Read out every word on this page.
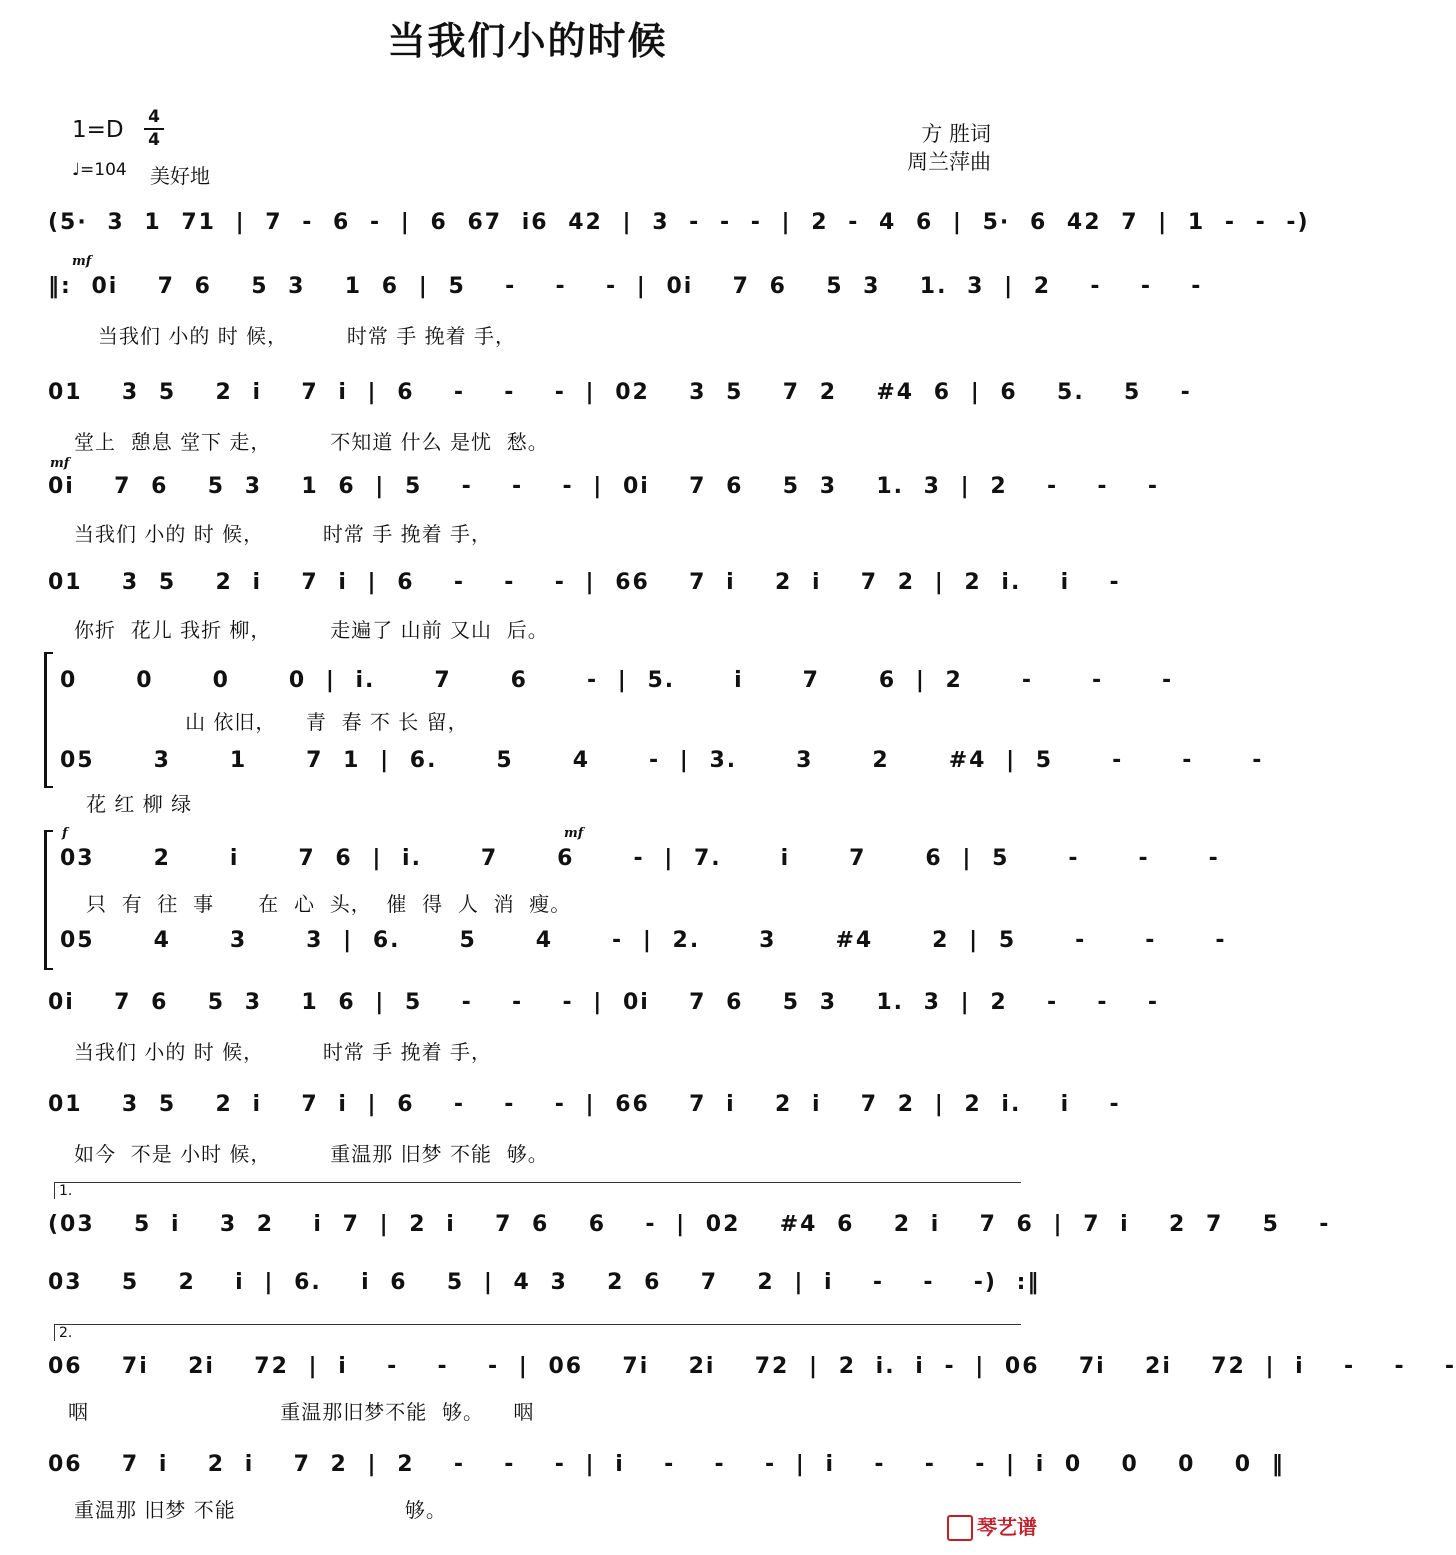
当我们小的时候
1=D 4
4
♩=104 美好地
方 胜词
周兰萍曲
(5· 3 1 71 | 7 - 6 - | 6 67 i6 42 | 3 - - - | 2 - 4 6 | 5· 6 42 7 | 1 - - -)
mf
‖: 0i  7 6  5 3  1 6 | 5  -  -  - | 0i  7 6  5 3  1. 3 | 2  -  -  -
当我们 小的 时 候，        时常 手 挽着 手，
01  3 5  2 i  7 i | 6  -  -  - | 02  3 5  7 2  #4 6 | 6  5.  5  -
堂上  憩息 堂下 走，        不知道 什么 是忧  愁。
mf
0i  7 6  5 3  1 6 | 5  -  -  - | 0i  7 6  5 3  1. 3 | 2  -  -  -
当我们 小的 时 候，        时常 手 挽着 手，
01  3 5  2 i  7 i | 6  -  -  - | 66  7 i  2 i  7 2 | 2 i.  i  -
你折  花儿 我折 柳，        走遍了 山前 又山  后。
0   0   0   0 | i.   7   6   - | 5.   i   7   6 | 2   -   -   -
山 依旧，    青  春 不 长 留，
05   3   1   7 1 | 6.   5   4   - | 3.   3   2   #4 | 5   -   -   -
花 红 柳 绿
f	mf
03   2   i   7 6 | i.   7   6   - | 7.   i   7   6 | 5   -   -   -
只  有  往  事      在  心  头，  催  得  人  消  瘦。
05   4   3   3 | 6.   5   4   - | 2.   3   #4   2 | 5   -   -   -
0i  7 6  5 3  1 6 | 5  -  -  - | 0i  7 6  5 3  1. 3 | 2  -  -  -
当我们 小的 时 候，        时常 手 挽着 手，
01  3 5  2 i  7 i | 6  -  -  - | 66  7 i  2 i  7 2 | 2 i.  i  -
如今  不是 小时 候，        重温那 旧梦 不能  够。
1.
(03  5 i  3 2  i 7 | 2 i  7 6  6  - | 02  #4 6  2 i  7 6 | 7 i  2 7  5  -
03  5  2  i | 6.  i 6  5 | 4 3  2 6  7  2 | i  -  -  -) :‖
2.
06  7i  2i  72 | i  -  -  - | 06  7i  2i  72 | 2 i. i - | 06  7i  2i  72 | i  -  -  -
咽                          重温那旧梦不能  够。    咽
06  7 i  2 i  7 2 | 2  -  -  - | i  -  -  - | i  -  -  - | i 0  0  0  0 ‖
重温那 旧梦 不能                       够。
琴艺谱
